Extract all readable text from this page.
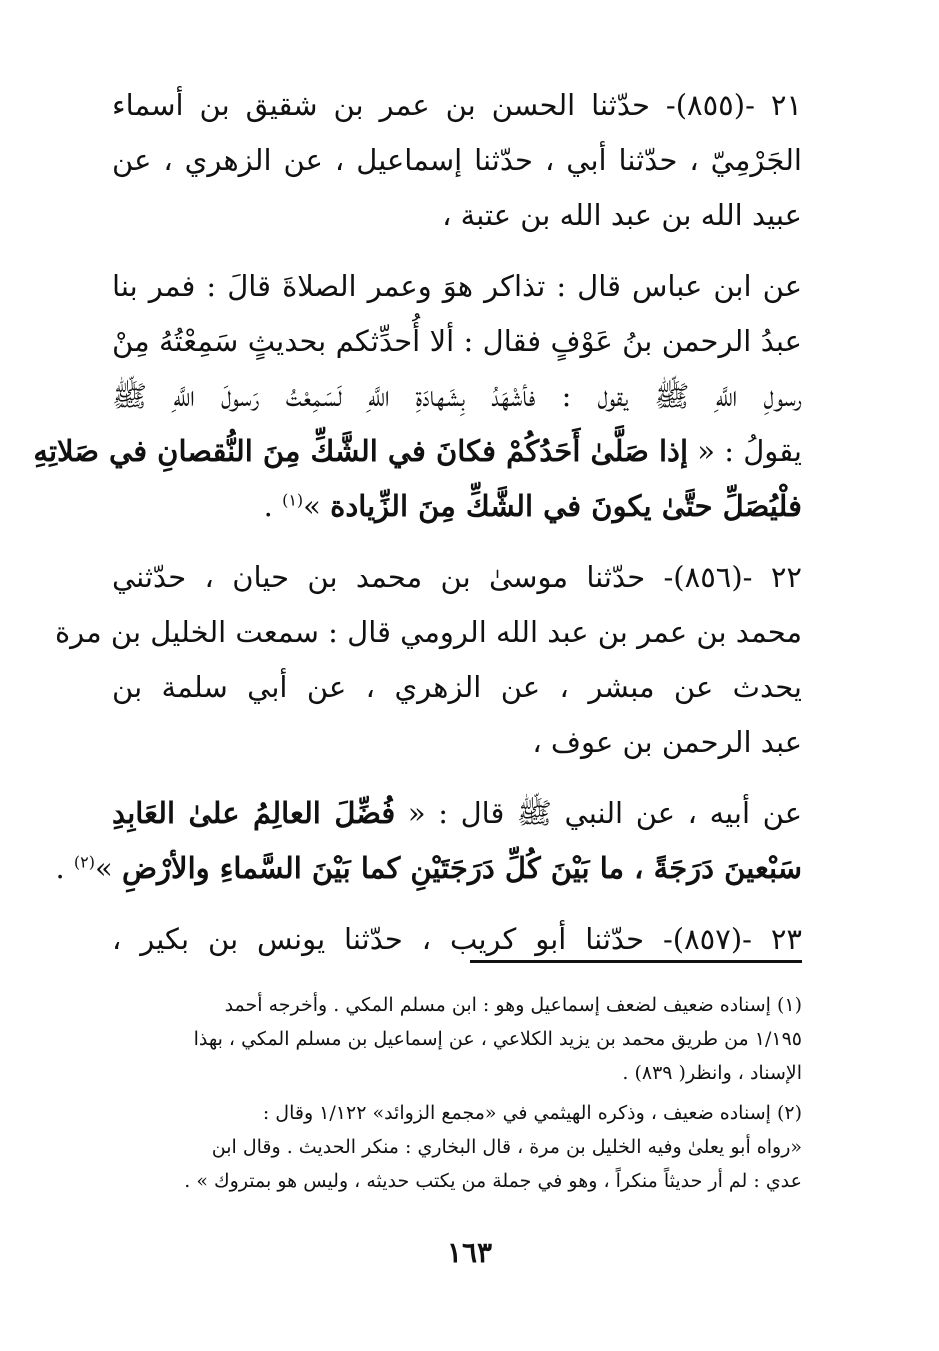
٢١ -(٨٥٥)- حدّثنا الحسن بن عمر بن شقيق بن أسماء
الجَرْمِيّ ، حدّثنا أبي ، حدّثنا إسماعيل ، عن الزهري ، عن
عبيد الله بن عبد الله بن عتبة ،
عن ابن عباس قال : تذاكر هوَ وعمر الصلاةَ قالَ : فمر بنا
عبدُ الرحمن بنُ عَوْفٍ فقال : ألا أُحدِّثكم بحديثٍ سَمِعْتُهُ مِنْ
رسولِ اللَّهِ ﷺ يقول : فأشْهَدُ بِشَهادَةِ اللَّهِ لَسَمِعْتُ رَسولَ اللَّهِ ﷺ
يقولُ : « إذا صَلَّىٰ أَحَدُكُمْ فكانَ في الشَّكِّ مِنَ النُّقصانِ في صَلاتِهِ
فلْيُصَلِّ حتَّىٰ يكونَ في الشَّكِّ مِنَ الزِّيادة »$^{(١)}$ .
٢٢ -(٨٥٦)- حدّثنا موسىٰ بن محمد بن حيان ، حدّثني
محمد بن عمر بن عبد الله الرومي قال : سمعت الخليل بن مرة
يحدث عن مبشر ، عن الزهري ، عن أبي سلمة بن
عبد الرحمن بن عوف ،
عن أبيه ، عن النبي ﷺ قال : « فُضِّلَ العالِمُ علىٰ العَابِدِ
سَبْعينَ دَرَجَةً ، ما بَيْنَ كُلِّ دَرَجَتَيْنِ كما بَيْنَ السَّماءِ والأرْضِ »$^{(٢)}$ .
٢٣ -(٨٥٧)- حدّثنا أبو كريب ، حدّثنا يونس بن بكير ،
(١) إسناده ضعيف لضعف إسماعيل وهو : ابن مسلم المكي . وأخرجه أحمد
١/١٩٥ من طريق محمد بن يزيد الكلاعي ، عن إسماعيل بن مسلم المكي ، بهذا
الإسناد ، وانظر( ٨٣٩) .
(٢) إسناده ضعيف ، وذكره الهيثمي في «مجمع الزوائد» ١/١٢٢ وقال :
«رواه أبو يعلىٰ وفيه الخليل بن مرة ، قال البخاري : منكر الحديث . وقال ابن
عدي : لم أر حديثاً منكراً ، وهو في جملة من يكتب حديثه ، وليس هو بمتروك » .
١٦٣
